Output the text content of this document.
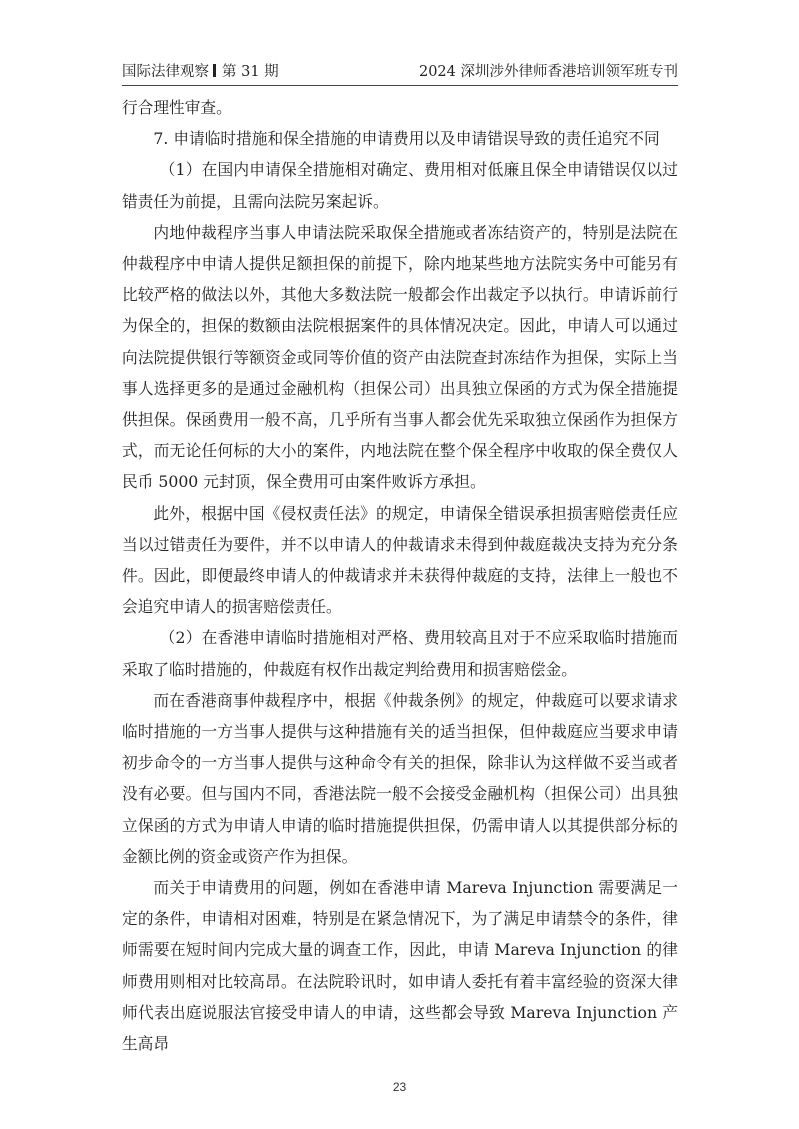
国际法律观察 第 31 期	2024 深圳涉外律师香港培训领军班专刊

行合理性审查。

7. 申请临时措施和保全措施的申请费用以及申请错误导致的责任追究不同

（1）在国内申请保全措施相对确定、费用相对低廉且保全申请错误仅以过错责任为前提，且需向法院另案起诉。

内地仲裁程序当事人申请法院采取保全措施或者冻结资产的，特别是法院在仲裁程序中申请人提供足额担保的前提下，除内地某些地方法院实务中可能另有比较严格的做法以外，其他大多数法院一般都会作出裁定予以执行。申请诉前行为保全的，担保的数额由法院根据案件的具体情况决定。因此，申请人可以通过向法院提供银行等额资金或同等价值的资产由法院查封冻结作为担保，实际上当事人选择更多的是通过金融机构（担保公司）出具独立保函的方式为保全措施提供担保。保函费用一般不高，几乎所有当事人都会优先采取独立保函作为担保方式，而无论任何标的大小的案件，内地法院在整个保全程序中收取的保全费仅人民币 5000 元封顶，保全费用可由案件败诉方承担。

此外，根据中国《侵权责任法》的规定，申请保全错误承担损害赔偿责任应当以过错责任为要件，并不以申请人的仲裁请求未得到仲裁庭裁决支持为充分条件。因此，即便最终申请人的仲裁请求并未获得仲裁庭的支持，法律上一般也不会追究申请人的损害赔偿责任。

（2）在香港申请临时措施相对严格、费用较高且对于不应采取临时措施而采取了临时措施的，仲裁庭有权作出裁定判给费用和损害赔偿金。

而在香港商事仲裁程序中，根据《仲裁条例》的规定，仲裁庭可以要求请求临时措施的一方当事人提供与这种措施有关的适当担保，但仲裁庭应当要求申请初步命令的一方当事人提供与这种命令有关的担保，除非认为这样做不妥当或者没有必要。但与国内不同，香港法院一般不会接受金融机构（担保公司）出具独立保函的方式为申请人申请的临时措施提供担保，仍需申请人以其提供部分标的金额比例的资金或资产作为担保。

而关于申请费用的问题，例如在香港申请 Mareva Injunction 需要满足一定的条件，申请相对困难，特别是在紧急情况下，为了满足申请禁令的条件，律师需要在短时间内完成大量的调查工作，因此，申请 Mareva Injunction 的律师费用则相对比较高昂。在法院聆讯时，如申请人委托有着丰富经验的资深大律师代表出庭说服法官接受申请人的申请，这些都会导致 Mareva Injunction 产生高昂

23
